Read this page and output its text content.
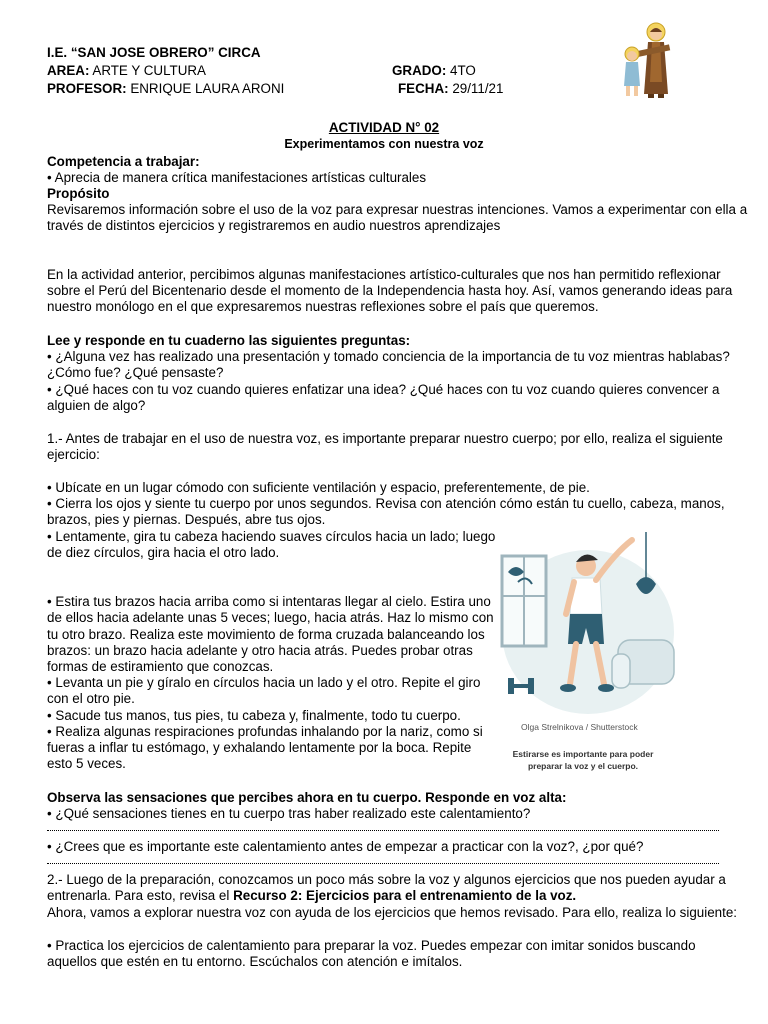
I.E. “SAN JOSE OBRERO” CIRCA
AREA: ARTE Y CULTURA	GRADO: 4TO
PROFESOR: ENRIQUE LAURA ARONI	FECHA: 29/11/21
ACTIVIDAD N° 02
Experimentamos con nuestra voz
Competencia a trabajar:
• Aprecia de manera crítica manifestaciones artísticas culturales
Propósito
Revisaremos información sobre el uso de la voz para expresar nuestras intenciones. Vamos a experimentar con ella a
través de distintos ejercicios y registraremos en audio nuestros aprendizajes
En la actividad anterior, percibimos algunas manifestaciones artístico-culturales que nos han permitido reflexionar
sobre el Perú del Bicentenario desde el momento de la Independencia hasta hoy. Así, vamos generando ideas para
nuestro monólogo en el que expresaremos nuestras reflexiones sobre el país que queremos.
Lee y responde en tu cuaderno las siguientes preguntas:
• ¿Alguna vez has realizado una presentación y tomado conciencia de la importancia de tu voz mientras hablabas?
¿Cómo fue? ¿Qué pensaste?
• ¿Qué haces con tu voz cuando quieres enfatizar una idea? ¿Qué haces con tu voz cuando quieres convencer a
alguien de algo?
1.- Antes de trabajar en el uso de nuestra voz, es importante preparar nuestro cuerpo; por ello, realiza el siguiente
ejercicio:
• Ubícate en un lugar cómodo con suficiente ventilación y espacio, preferentemente, de pie.
• Cierra los ojos y siente tu cuerpo por unos segundos. Revisa con atención cómo están tu cuello, cabeza, manos,
brazos, pies y piernas. Después, abre tus ojos.
• Lentamente, gira tu cabeza haciendo suaves círculos hacia un lado; luego
de diez círculos, gira hacia el otro lado.
• Estira tus brazos hacia arriba como si intentaras llegar al cielo. Estira uno
de ellos hacia adelante unas 5 veces; luego, hacia atrás. Haz lo mismo con
tu otro brazo. Realiza este movimiento de forma cruzada balanceando los
brazos: un brazo hacia adelante y otro hacia atrás. Puedes probar otras
formas de estiramiento que conozcas.
• Levanta un pie y gíralo en círculos hacia un lado y el otro. Repite el giro
con el otro pie.
• Sacude tus manos, tus pies, tu cabeza y, finalmente, todo tu cuerpo.
• Realiza algunas respiraciones profundas inhalando por la nariz, como si
fueras a inflar tu estómago, y exhalando lentamente por la boca. Repite
esto 5 veces.
Olga Strelnikova / Shutterstock
Estirarse es importante para poder
preparar la voz y el cuerpo.
Observa las sensaciones que percibes ahora en tu cuerpo. Responde en voz alta:
• ¿Qué sensaciones tienes en tu cuerpo tras haber realizado este calentamiento?
• ¿Crees que es importante este calentamiento antes de empezar a practicar con la voz?, ¿por qué?
2.- Luego de la preparación, conozcamos un poco más sobre la voz y algunos ejercicios que nos pueden ayudar a
entrenarla. Para esto, revisa el Recurso 2: Ejercicios para el entrenamiento de la voz.
Ahora, vamos a explorar nuestra voz con ayuda de los ejercicios que hemos revisado. Para ello, realiza lo siguiente:
• Practica los ejercicios de calentamiento para preparar la voz. Puedes empezar con imitar sonidos buscando
aquellos que estén en tu entorno. Escúchalos con atención e imítalos.
